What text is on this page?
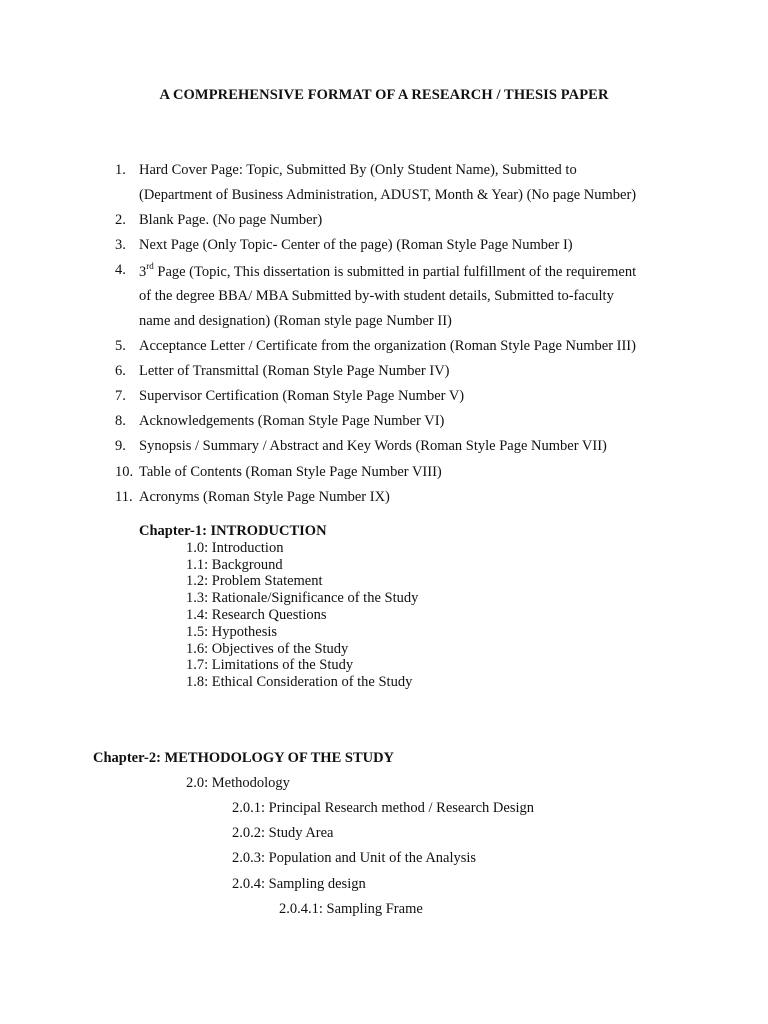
A COMPREHENSIVE FORMAT OF A RESEARCH / THESIS PAPER
1. Hard Cover Page: Topic, Submitted By (Only Student Name), Submitted to
(Department of Business Administration, ADUST, Month & Year) (No page Number)
2. Blank Page. (No page Number)
3. Next Page (Only Topic- Center of the page) (Roman Style Page Number I)
4. 3rd Page (Topic, This dissertation is submitted in partial fulfillment of the requirement
of the degree BBA/ MBA Submitted by-with student details, Submitted to-faculty
name and designation) (Roman style page Number II)
5. Acceptance Letter / Certificate from the organization (Roman Style Page Number III)
6. Letter of Transmittal (Roman Style Page Number IV)
7. Supervisor Certification (Roman Style Page Number V)
8. Acknowledgements (Roman Style Page Number VI)
9. Synopsis / Summary / Abstract and Key Words (Roman Style Page Number VII)
10. Table of Contents (Roman Style Page Number VIII)
11. Acronyms (Roman Style Page Number IX)
Chapter-1: INTRODUCTION
1.0: Introduction
1.1: Background
1.2: Problem Statement
1.3: Rationale/Significance of the Study
1.4: Research Questions
1.5: Hypothesis
1.6: Objectives of the Study
1.7: Limitations of the Study
1.8: Ethical Consideration of the Study
Chapter-2: METHODOLOGY OF THE STUDY
2.0: Methodology
2.0.1: Principal Research method / Research Design
2.0.2: Study Area
2.0.3: Population and Unit of the Analysis
2.0.4: Sampling design
2.0.4.1: Sampling Frame
